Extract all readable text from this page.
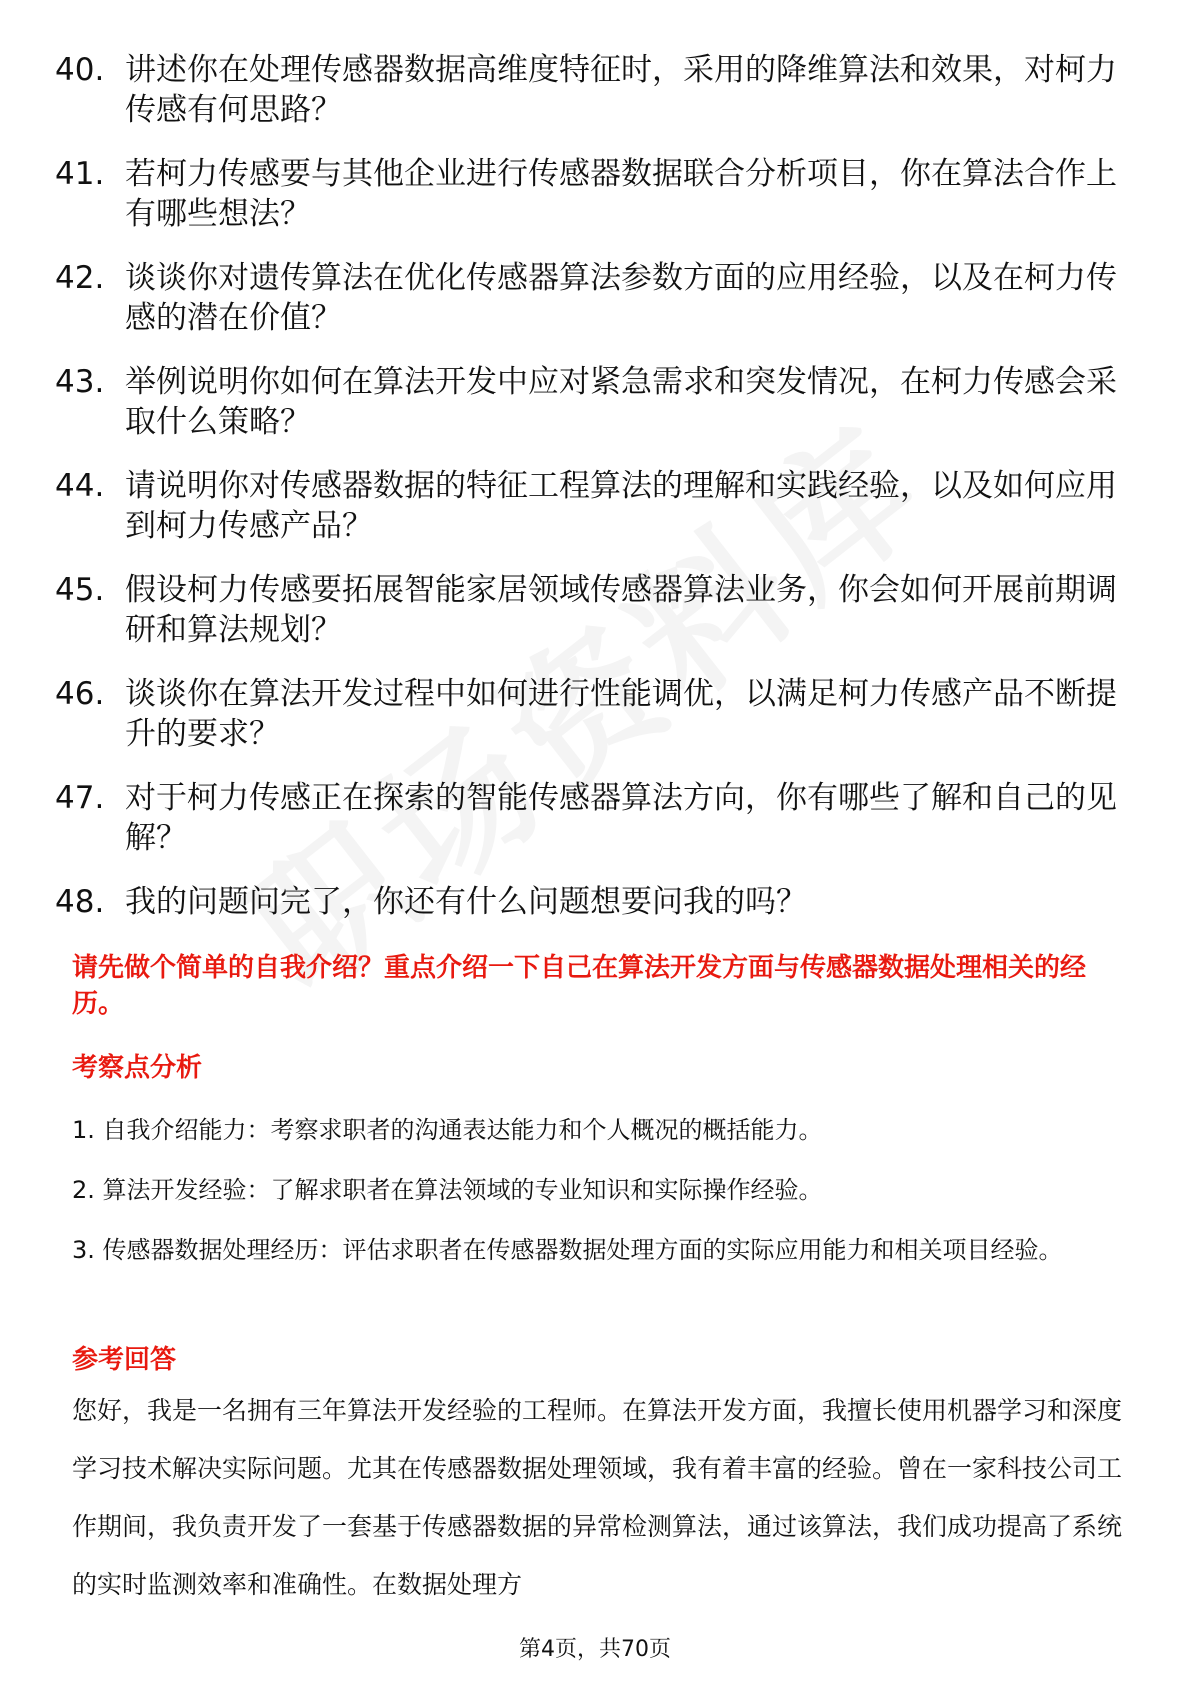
40. 讲述你在处理传感器数据高维度特征时，采用的降维算法和效果，对柯力传感有何思路？
41. 若柯力传感要与其他企业进行传感器数据联合分析项目，你在算法合作上有哪些想法？
42. 谈谈你对遗传算法在优化传感器算法参数方面的应用经验，以及在柯力传感的潜在价值？
43. 举例说明你如何在算法开发中应对紧急需求和突发情况，在柯力传感会采取什么策略？
44. 请说明你对传感器数据的特征工程算法的理解和实践经验，以及如何应用到柯力传感产品？
45. 假设柯力传感要拓展智能家居领域传感器算法业务，你会如何开展前期调研和算法规划？
46. 谈谈你在算法开发过程中如何进行性能调优，以满足柯力传感产品不断提升的要求？
47. 对于柯力传感正在探索的智能传感器算法方向，你有哪些了解和自己的见解？
48. 我的问题问完了，你还有什么问题想要问我的吗？
请先做个简单的自我介绍？重点介绍一下自己在算法开发方面与传感器数据处理相关的经历。
考察点分析
1. 自我介绍能力：考察求职者的沟通表达能力和个人概况的概括能力。
2. 算法开发经验：了解求职者在算法领域的专业知识和实际操作经验。
3. 传感器数据处理经历：评估求职者在传感器数据处理方面的实际应用能力和相关项目经验。
参考回答
您好，我是一名拥有三年算法开发经验的工程师。在算法开发方面，我擅长使用机器学习和深度学习技术解决实际问题。尤其在传感器数据处理领域，我有着丰富的经验。曾在一家科技公司工作期间，我负责开发了一套基于传感器数据的异常检测算法，通过该算法，我们成功提高了系统的实时监测效率和准确性。在数据处理方
第4页，共70页
